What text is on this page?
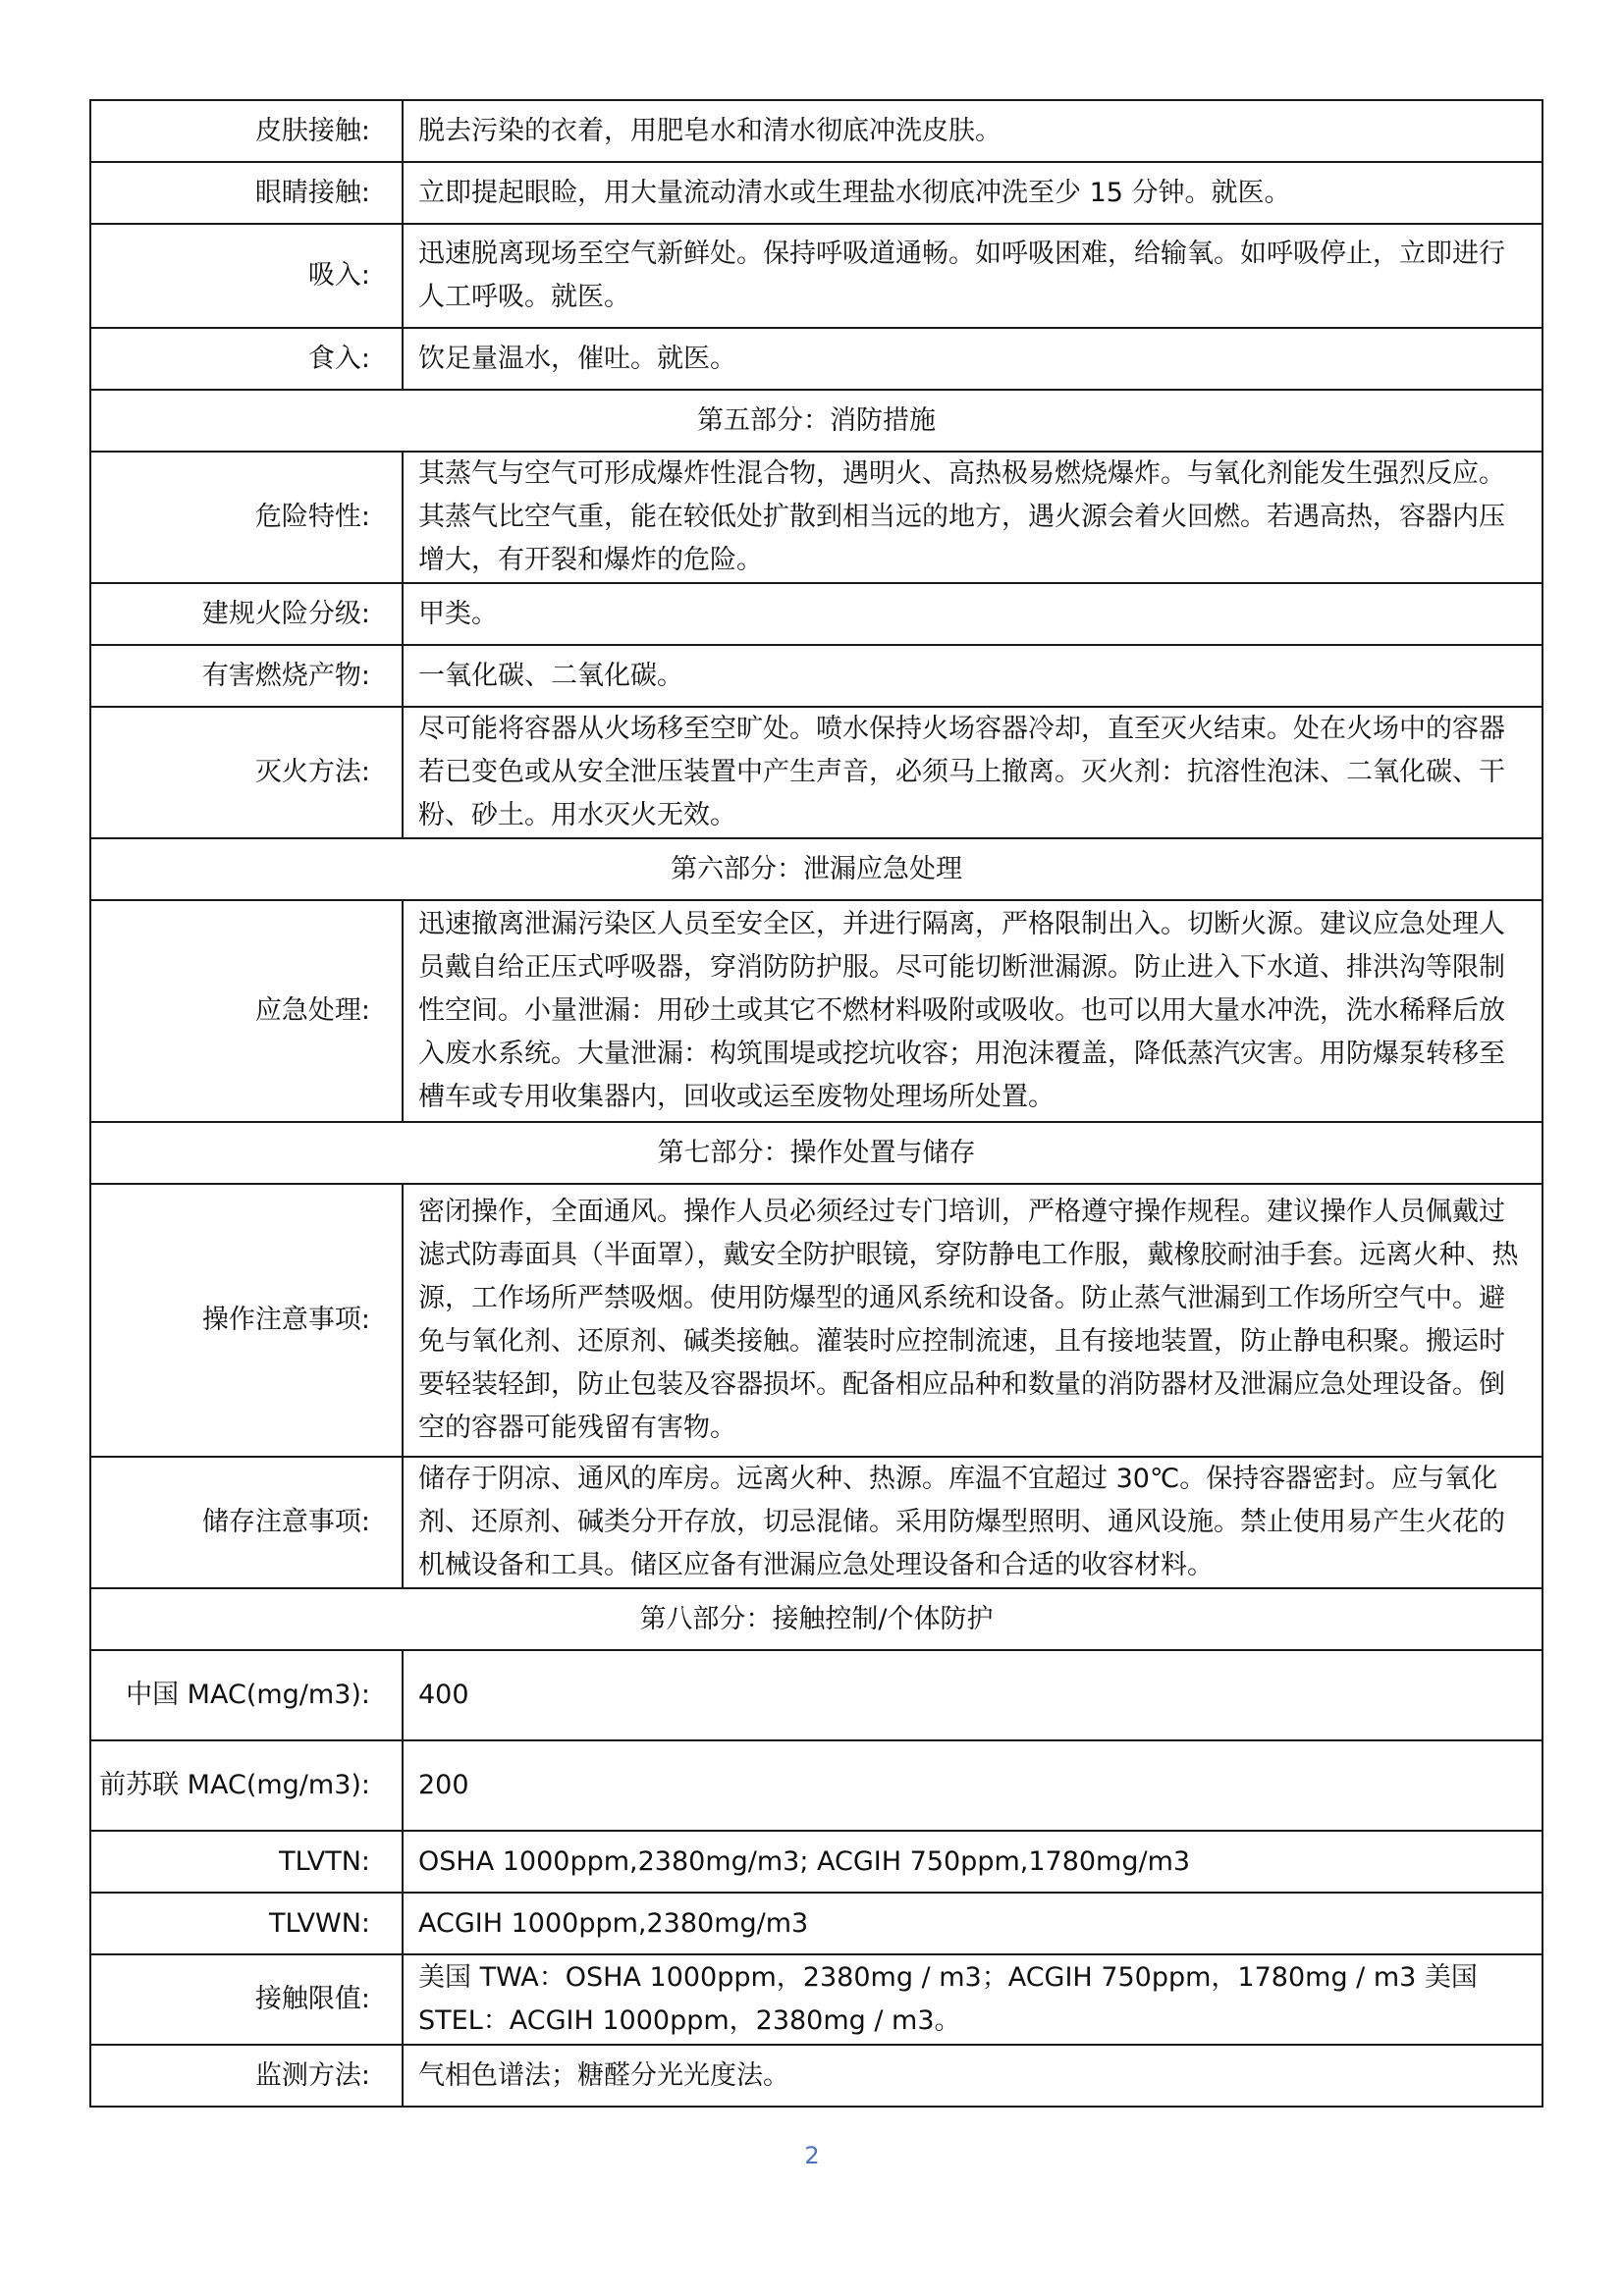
皮肤接触:	脱去污染的衣着，用肥皂水和清水彻底冲洗皮肤。
眼睛接触:	立即提起眼睑，用大量流动清水或生理盐水彻底冲洗至少 15 分钟。就医。
吸入:	迅速脱离现场至空气新鲜处。保持呼吸道通畅。如呼吸困难，给输氧。如呼吸停止，立即进行人工呼吸。就医。
食入:	饮足量温水，催吐。就医。
第五部分：消防措施	
危险特性:	其蒸气与空气可形成爆炸性混合物，遇明火、高热极易燃烧爆炸。与氧化剂能发生强烈反应。其蒸气比空气重，能在较低处扩散到相当远的地方，遇火源会着火回燃。若遇高热，容器内压增大，有开裂和爆炸的危险。
建规火险分级:	甲类。
有害燃烧产物:	一氧化碳、二氧化碳。
灭火方法:	尽可能将容器从火场移至空旷处。喷水保持火场容器冷却，直至灭火结束。处在火场中的容器若已变色或从安全泄压装置中产生声音，必须马上撤离。灭火剂：抗溶性泡沫、二氧化碳、干粉、砂土。用水灭火无效。
第六部分：泄漏应急处理	
应急处理:	迅速撤离泄漏污染区人员至安全区，并进行隔离，严格限制出入。切断火源。建议应急处理人员戴自给正压式呼吸器，穿消防防护服。尽可能切断泄漏源。防止进入下水道、排洪沟等限制性空间。小量泄漏：用砂土或其它不燃材料吸附或吸收。也可以用大量水冲洗，洗水稀释后放入废水系统。大量泄漏：构筑围堤或挖坑收容；用泡沫覆盖，降低蒸汽灾害。用防爆泵转移至槽车或专用收集器内，回收或运至废物处理场所处置。
第七部分：操作处置与储存	
操作注意事项:	密闭操作，全面通风。操作人员必须经过专门培训，严格遵守操作规程。建议操作人员佩戴过滤式防毒面具（半面罩），戴安全防护眼镜，穿防静电工作服，戴橡胶耐油手套。远离火种、热源，工作场所严禁吸烟。使用防爆型的通风系统和设备。防止蒸气泄漏到工作场所空气中。避免与氧化剂、还原剂、碱类接触。灌装时应控制流速，且有接地装置，防止静电积聚。搬运时要轻装轻卸，防止包装及容器损坏。配备相应品种和数量的消防器材及泄漏应急处理设备。倒空的容器可能残留有害物。
储存注意事项:	储存于阴凉、通风的库房。远离火种、热源。库温不宜超过 30℃。保持容器密封。应与氧化剂、还原剂、碱类分开存放，切忌混储。采用防爆型照明、通风设施。禁止使用易产生火花的机械设备和工具。储区应备有泄漏应急处理设备和合适的收容材料。
第八部分：接触控制/个体防护	
中国 MAC(mg/m3):	400
前苏联 MAC(mg/m3):	200
TLVTN:	OSHA 1000ppm,2380mg/m3; ACGIH 750ppm,1780mg/m3
TLVWN:	ACGIH 1000ppm,2380mg/m3
接触限值:	美国 TWA：OSHA 1000ppm，2380mg / m3；ACGIH 750ppm，1780mg / m3 美国 STEL：ACGIH 1000ppm，2380mg / m3。
监测方法:	气相色谱法；糖醛分光光度法。
2
